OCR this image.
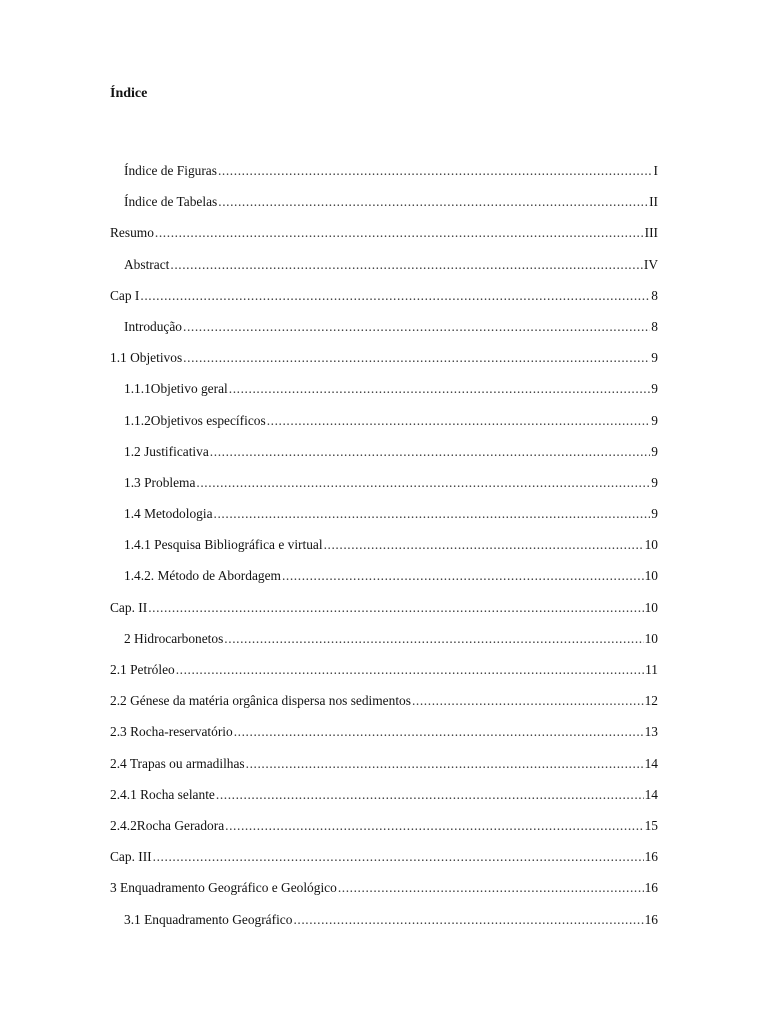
Índice
Índice de Figuras .....	I
Índice de Tabelas .....	II
Resumo .....	III
Abstract .....	IV
Cap I .....	8
Introdução .....	8
1.1 Objetivos .....	9
1.1.1Objetivo geral .....	9
1.1.2Objetivos específicos .....	9
1.2 Justificativa .....	9
1.3 Problema .....	9
1.4 Metodologia .....	9
1.4.1 Pesquisa Bibliográfica e virtual .....	10
1.4.2. Método de Abordagem .....	10
Cap. II .....	10
2 Hidrocarbonetos .....	10
2.1 Petróleo .....	11
2.2 Génese da matéria orgânica dispersa nos sedimentos .....	12
2.3 Rocha-reservatório .....	13
2.4 Trapas ou armadilhas .....	14
2.4.1 Rocha selante .....	14
2.4.2Rocha Geradora .....	15
Cap. III .....	16
3 Enquadramento Geográfico e Geológico .....	16
3.1 Enquadramento Geográfico .....	16
